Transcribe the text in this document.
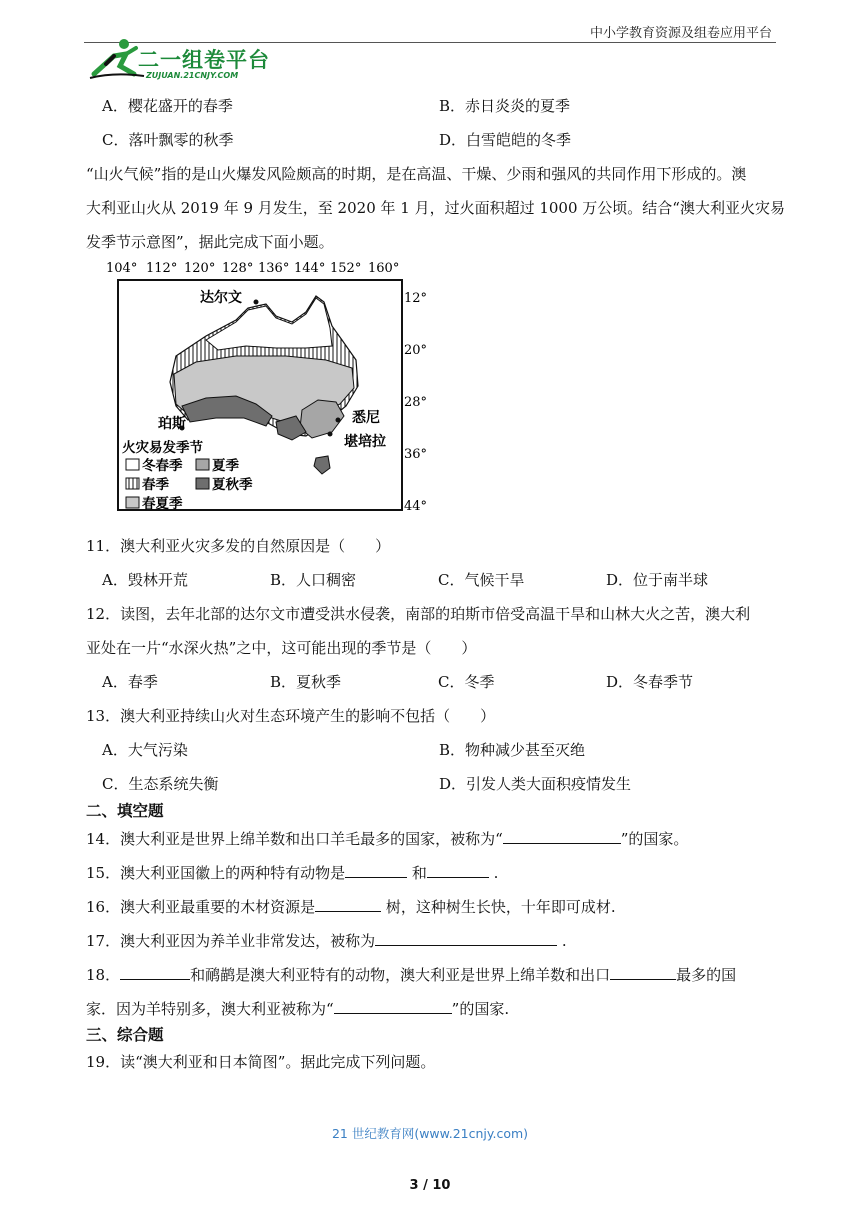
中小学教育资源及组卷应用平台
二一组卷平台
ZUJUAN.21CNJY.COM
A．樱花盛开的春季	B．赤日炎炎的夏季
C．落叶飘零的秋季	D．白雪皑皑的冬季
“山火气候”指的是山火爆发风险颇高的时期，是在高温、干燥、少雨和强风的共同作用下形成的。澳
大利亚山火从 2019 年 9 月发生，至 2020 年 1 月，过火面积超过 1000 万公顷。结合“澳大利亚火灾易
发季节示意图”，据此完成下面小题。
104° 112° 120° 128° 136° 144° 152° 160°
12°
20°
28°
36°
44°
达尔文
珀斯	悉尼
堪培拉
火灾易发季节
冬春季 夏季
春季	夏秋季
春夏季
11．澳大利亚火灾多发的自然原因是（　　）
A．毁林开荒	B．人口稠密	C．气候干旱	D．位于南半球
12．读图，去年北部的达尔文市遭受洪水侵袭，南部的珀斯市倍受高温干旱和山林大火之苦，澳大利
亚处在一片“水深火热”之中，这可能出现的季节是（　　）
A．春季	B．夏秋季	C．冬季	D．冬春季节
13．澳大利亚持续山火对生态环境产生的影响不包括（　　）
A．大气污染	B．物种减少甚至灭绝
C．生态系统失衡	D．引发人类大面积疫情发生
二、填空题
14．澳大利亚是世界上绵羊数和出口羊毛最多的国家，被称为“	”的国家。
15．澳大利亚国徽上的两种特有动物是	和	.
16．澳大利亚最重要的木材资源是	树，这种树生长快，十年即可成材.
17．澳大利亚因为养羊业非常发达，被称为	.
18．	和鸸鹋是澳大利亚特有的动物，澳大利亚是世界上绵羊数和出口	最多的国
家．因为羊特别多，澳大利亚被称为“	”的国家.
三、综合题
19．读“澳大利亚和日本简图”。据此完成下列问题。
21 世纪教育网(www.21cnjy.com)
3 / 10
